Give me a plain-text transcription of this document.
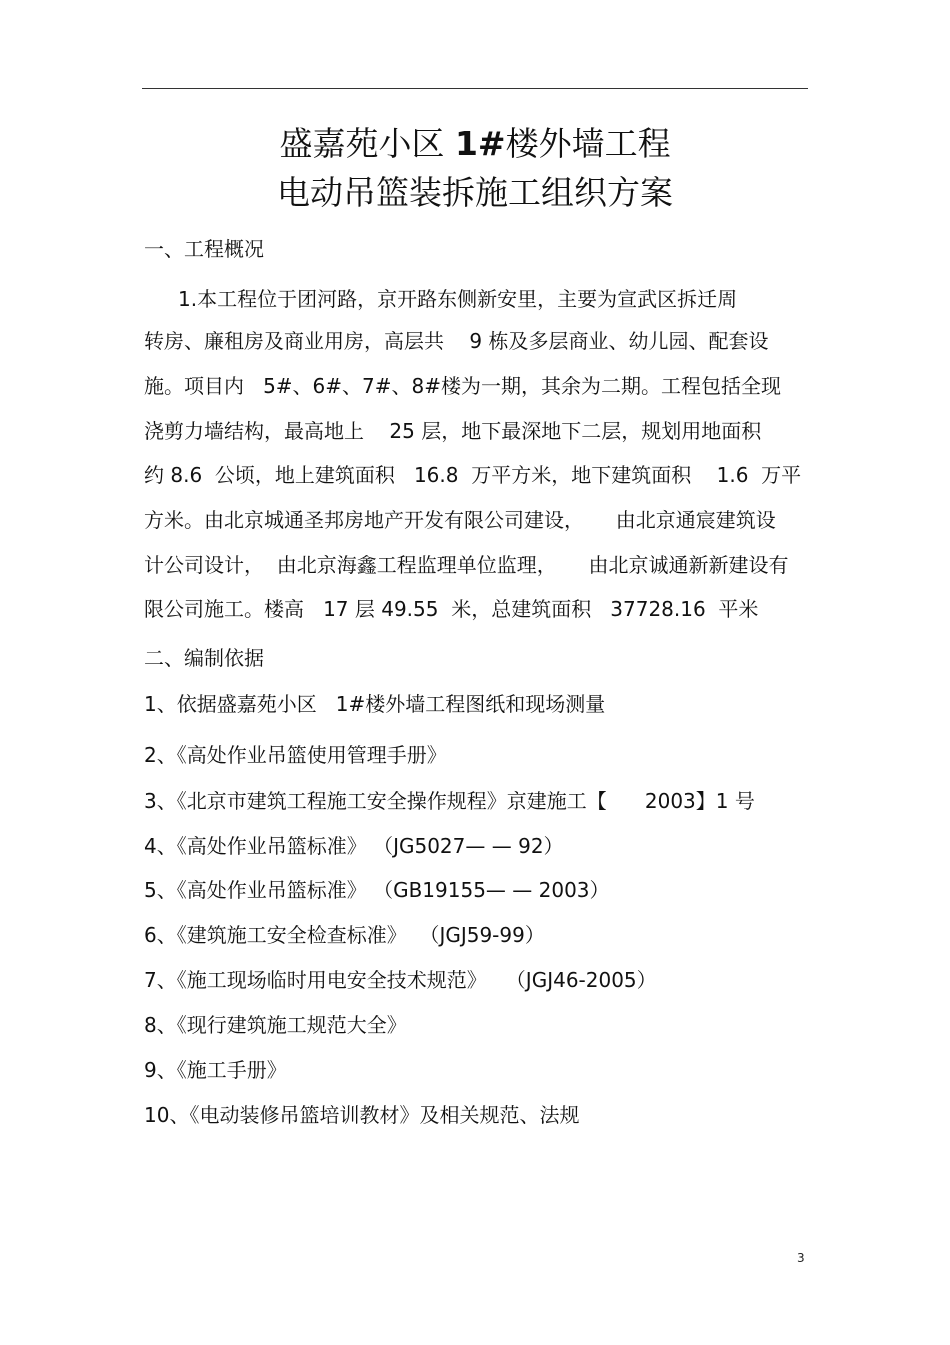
盛嘉苑小区 1#楼外墙工程
电动吊篮装拆施工组织方案
一、工程概况
1.本工程位于团河路，京开路东侧新安里，主要为宣武区拆迁周
转房、廉租房及商业用房，高层共    9 栋及多层商业、幼儿园、配套设
施。项目内   5#、6#、7#、8#楼为一期，其余为二期。工程包括全现
浇剪力墙结构，最高地上    25 层，地下最深地下二层，规划用地面积
约 8.6  公顷，地上建筑面积   16.8  万平方米，地下建筑面积    1.6  万平
方米。由北京城通圣邦房地产开发有限公司建设，     由北京通宸建筑设
计公司设计，  由北京海鑫工程监理单位监理，     由北京诚通新新建设有
限公司施工。楼高   17 层 49.55  米，总建筑面积   37728.16  平米
二、编制依据
1、依据盛嘉苑小区   1#楼外墙工程图纸和现场测量
2、《高处作业吊篮使用管理手册》
3、《北京市建筑工程施工安全操作规程》京建施工【      2003】1 号
4、《高处作业吊篮标准》 （JG5027— — 92）
5、《高处作业吊篮标准》 （GB19155— — 2003）
6、《建筑施工安全检查标准》  （JGJ59-99）
7、《施工现场临时用电安全技术规范》   （JGJ46-2005）
8、《现行建筑施工规范大全》
9、《施工手册》
10、《电动装修吊篮培训教材》及相关规范、法规
3
